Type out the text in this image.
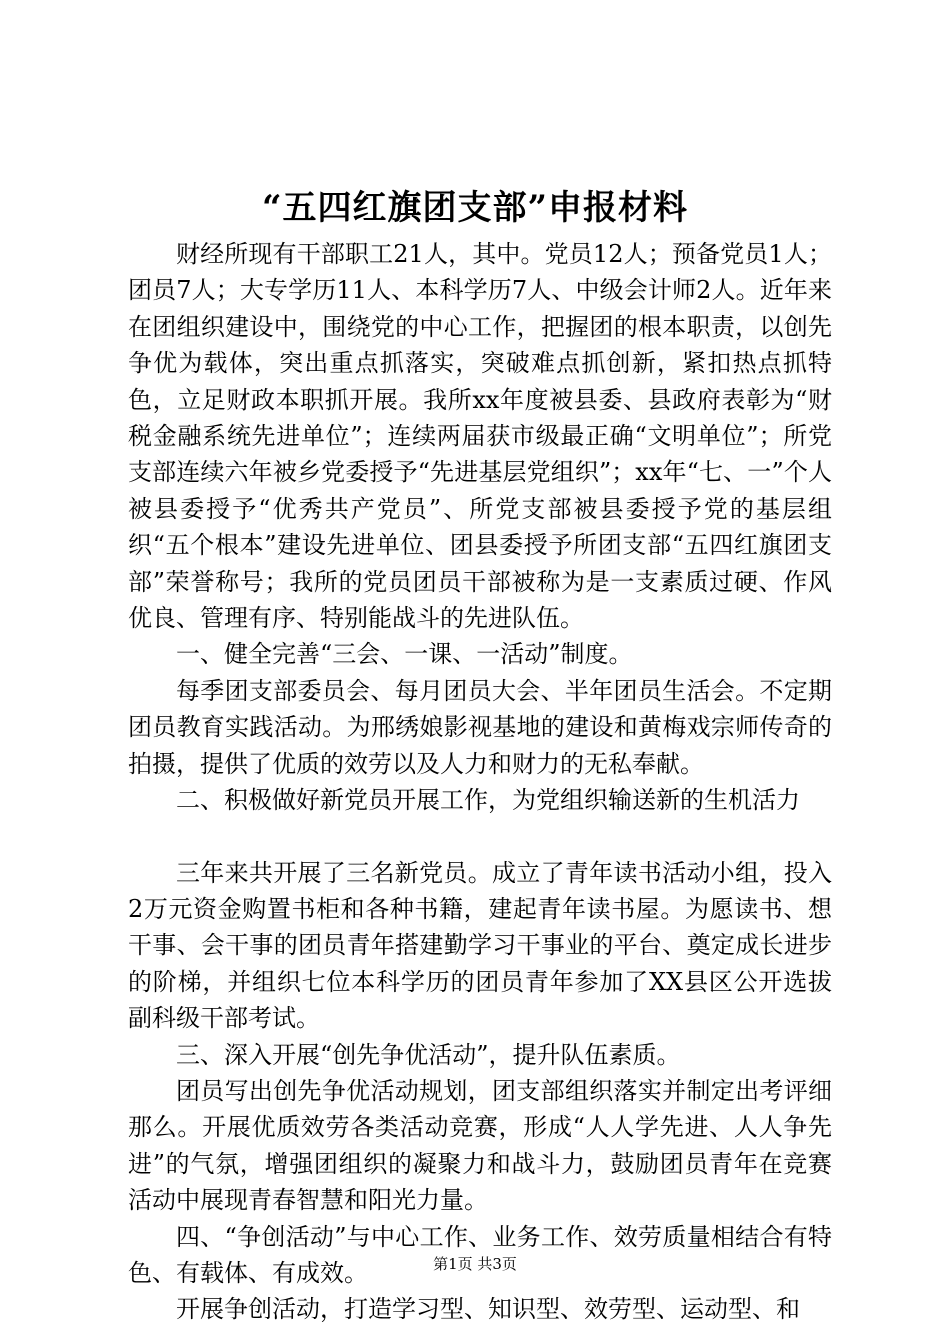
“五四红旗团支部”申报材料

财经所现有干部职工21人，其中。党员12人；预备党员1人；团员7人；大专学历11人、本科学历7人、中级会计师2人。近年来在团组织建设中，围绕党的中心工作，把握团的根本职责，以创先争优为载体，突出重点抓落实，突破难点抓创新，紧扣热点抓特色，立足财政本职抓开展。我所xx年度被县委、县政府表彰为“财税金融系统先进单位”；连续两届获市级最正确“文明单位”；所党支部连续六年被乡党委授予“先进基层党组织”；xx年“七、一”个人被县委授予“优秀共产党员”、所党支部被县委授予党的基层组织“五个根本”建设先进单位、团县委授予所团支部“五四红旗团支部”荣誉称号；我所的党员团员干部被称为是一支素质过硬、作风优良、管理有序、特别能战斗的先进队伍。

一、健全完善“三会、一课、一活动”制度。

每季团支部委员会、每月团员大会、半年团员生活会。不定期团员教育实践活动。为邢绣娘影视基地的建设和黄梅戏宗师传奇的拍摄，提供了优质的效劳以及人力和财力的无私奉献。

二、积极做好新党员开展工作，为党组织输送新的生机活力

三年来共开展了三名新党员。成立了青年读书活动小组，投入2万元资金购置书柜和各种书籍，建起青年读书屋。为愿读书、想干事、会干事的团员青年搭建勤学习干事业的平台、奠定成长进步的阶梯，并组织七位本科学历的团员青年参加了XX县区公开选拔副科级干部考试。

三、深入开展“创先争优活动”，提升队伍素质。

团员写出创先争优活动规划，团支部组织落实并制定出考评细那么。开展优质效劳各类活动竞赛，形成“人人学先进、人人争先进”的气氛，增强团组织的凝聚力和战斗力，鼓励团员青年在竞赛活动中展现青春智慧和阳光力量。

四、“争创活动”与中心工作、业务工作、效劳质量相结合有特色、有载体、有成效。

开展争创活动，打造学习型、知识型、效劳型、运动型、和

第1页 共3页
